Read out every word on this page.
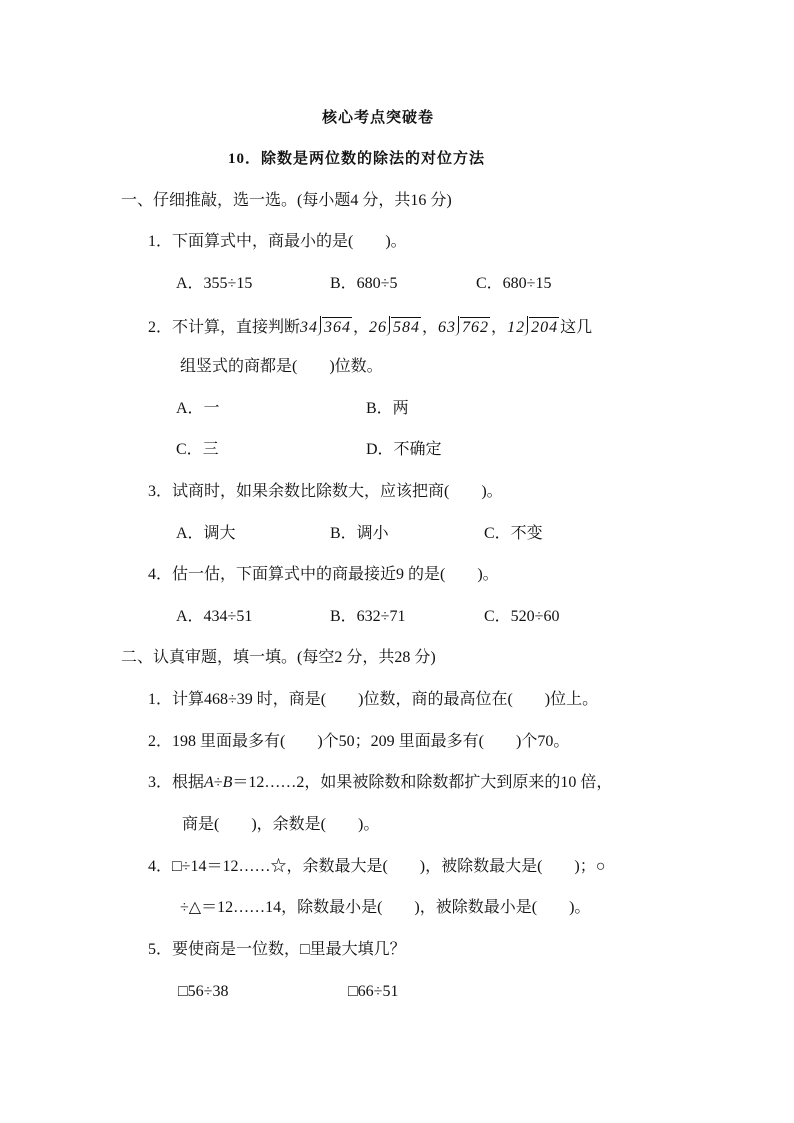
核心考点突破卷
10．除数是两位数的除法的对位方法
一、仔细推敲，选一选。(每小题4 分，共16 分)
1．下面算式中，商最小的是(　　)。
A．355÷15	B．680÷5	C．680÷15
2．不计算，直接判断34 364 ，26 584 ，63 762 ，12 204 这几
组竖式的商都是(　　)位数。
A．一	B．两
C．三	D．不确定
3．试商时，如果余数比除数大，应该把商(　　)。
A．调大	B．调小	C．不变
4．估一估，下面算式中的商最接近9 的是(　　)。
A．434÷51	B．632÷71	C．520÷60
二、认真审题，填一填。(每空2 分，共28 分)
1．计算468÷39 时，商是(　　)位数，商的最高位在(　　)位上。
2．198 里面最多有(　　)个50；209 里面最多有(　　)个70。
3．根据A÷B＝12……2，如果被除数和除数都扩大到原来的10 倍，
商是(　　)，余数是(　　)。
4．□÷14＝12……☆，余数最大是(　　)，被除数最大是(　　)；○
÷△＝12……14，除数最小是(　　)，被除数最小是(　　)。
5．要使商是一位数，□里最大填几？
□56÷38	□66÷51
